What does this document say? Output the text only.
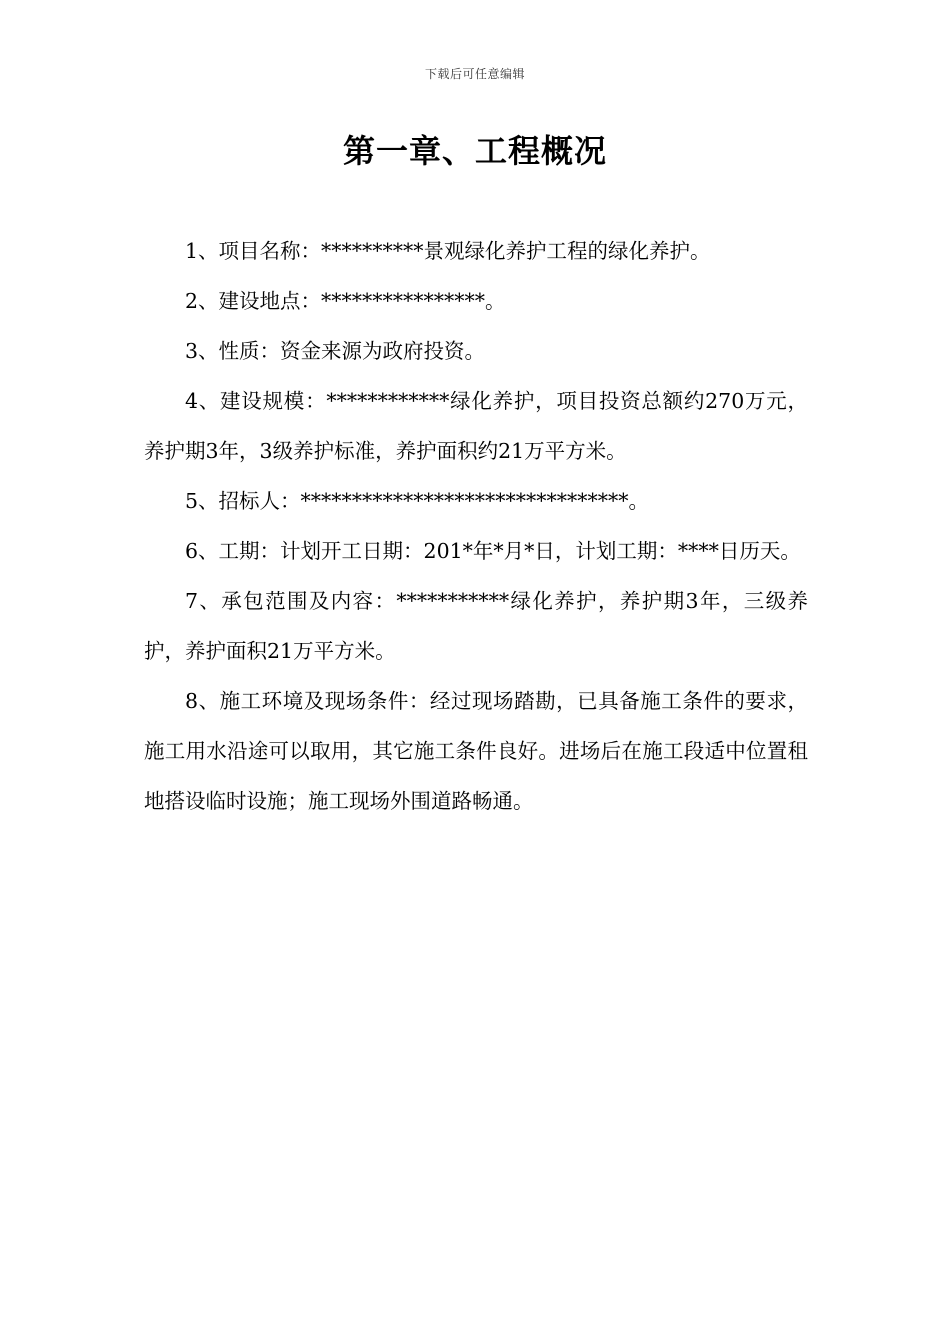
下载后可任意编辑
第一章、工程概况

1、项目名称：**********景观绿化养护工程的绿化养护。

2、建设地点：****************。

3、性质：资金来源为政府投资。

4、建设规模：************绿化养护，项目投资总额约270万元，养护期3年，3级养护标准，养护面积约21万平方米。

5、招标人：********************************。

6、工期：计划开工日期：201*年*月*日，计划工期：****日历天。

7、承包范围及内容：***********绿化养护，养护期3年，三级养护，养护面积21万平方米。

8、施工环境及现场条件：经过现场踏勘，已具备施工条件的要求，施工用水沿途可以取用，其它施工条件良好。进场后在施工段适中位置租地搭设临时设施；施工现场外围道路畅通。
